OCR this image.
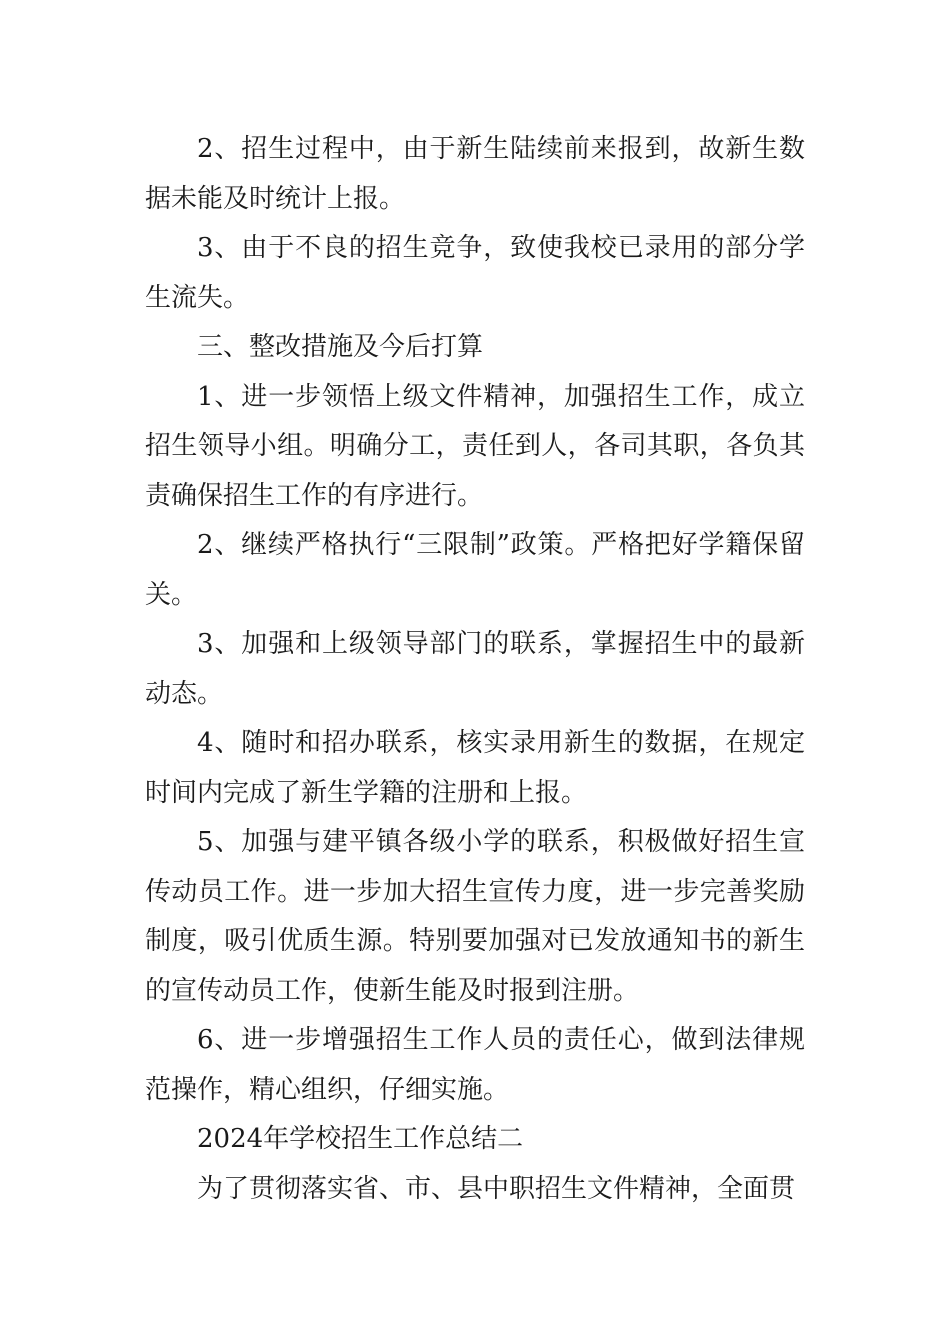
2、招生过程中，由于新生陆续前来报到，故新生数据未能及时统计上报。

3、由于不良的招生竞争，致使我校已录用的部分学生流失。

三、整改措施及今后打算

1、进一步领悟上级文件精神，加强招生工作，成立招生领导小组。明确分工，责任到人，各司其职，各负其责确保招生工作的有序进行。

2、继续严格执行“三限制”政策。严格把好学籍保留关。

3、加强和上级领导部门的联系，掌握招生中的最新动态。

4、随时和招办联系，核实录用新生的数据，在规定时间内完成了新生学籍的注册和上报。

5、加强与建平镇各级小学的联系，积极做好招生宣传动员工作。进一步加大招生宣传力度，进一步完善奖励制度，吸引优质生源。特别要加强对已发放通知书的新生的宣传动员工作，使新生能及时报到注册。

6、进一步增强招生工作人员的责任心，做到法律规范操作，精心组织，仔细实施。

2024年学校招生工作总结二

为了贯彻落实省、市、县中职招生文件精神，全面贯
